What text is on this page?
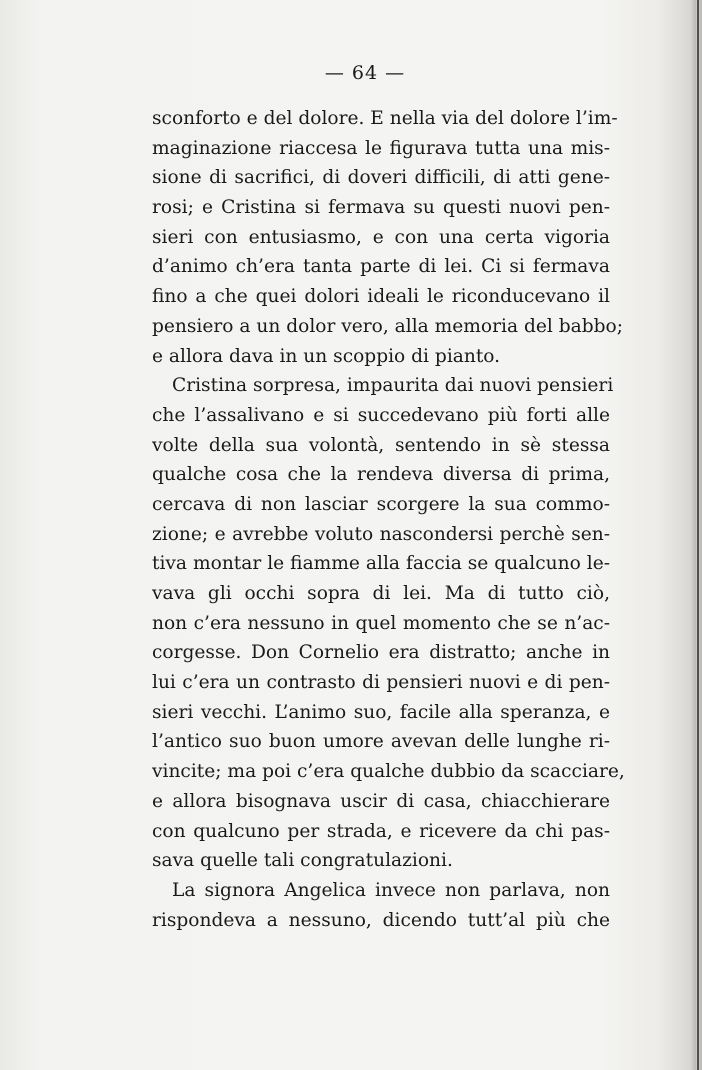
— 64 —
sconforto e del dolore. E nella via del dolore l’im-
maginazione riaccesa le figurava tutta una mis-
sione di sacrifici, di doveri difficili, di atti gene-
rosi; e Cristina si fermava su questi nuovi pen-
sieri con entusiasmo, e con una certa vigoria
d’animo ch’era tanta parte di lei. Ci si fermava
fino a che quei dolori ideali le riconducevano il
pensiero a un dolor vero, alla memoria del babbo;
e allora dava in un scoppio di pianto.
Cristina sorpresa, impaurita dai nuovi pensieri
che l’assalivano e si succedevano più forti alle
volte della sua volontà, sentendo in sè stessa
qualche cosa che la rendeva diversa di prima,
cercava di non lasciar scorgere la sua commo-
zione; e avrebbe voluto nascondersi perchè sen-
tiva montar le fiamme alla faccia se qualcuno le-
vava gli occhi sopra di lei. Ma di tutto ciò,
non c’era nessuno in quel momento che se n’ac-
corgesse. Don Cornelio era distratto; anche in
lui c’era un contrasto di pensieri nuovi e di pen-
sieri vecchi. L’animo suo, facile alla speranza, e
l’antico suo buon umore avevan delle lunghe ri-
vincite; ma poi c’era qualche dubbio da scacciare,
e allora bisognava uscir di casa, chiacchierare
con qualcuno per strada, e ricevere da chi pas-
sava quelle tali congratulazioni.
La signora Angelica invece non parlava, non
rispondeva a nessuno, dicendo tutt’al più che
